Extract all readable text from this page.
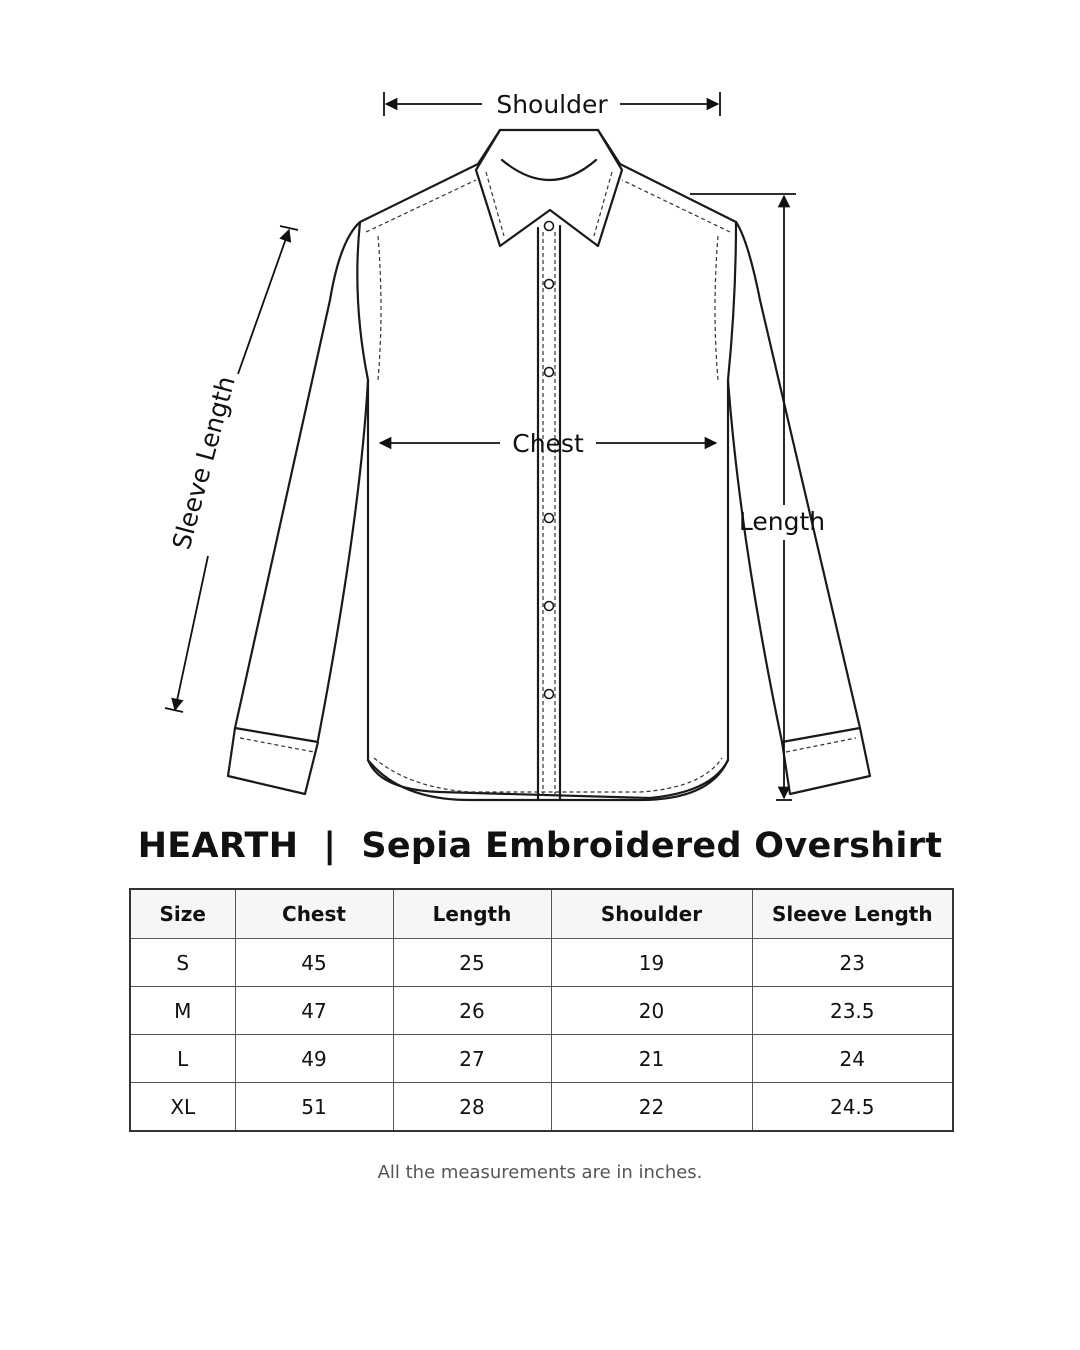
Shoulder
Chest
Length
Sleeve Length
HEARTH  |  Sepia Embroidered Overshirt
Size	Chest	Length	Shoulder	Sleeve Length
S	45	25	19	23
M	47	26	20	23.5
L	49	27	21	24
XL	51	28	22	24.5
All the measurements are in inches.
